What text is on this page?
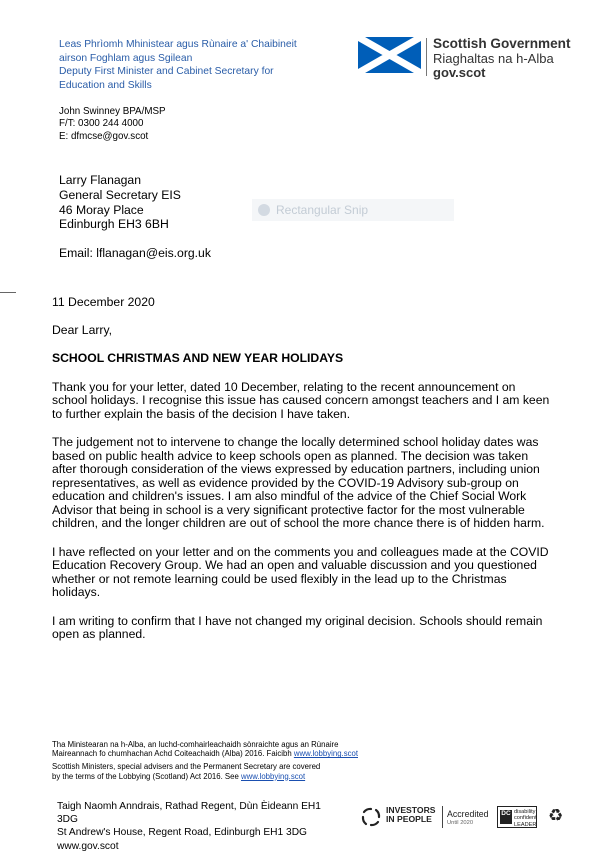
Leas Phrìomh Mhinistear agus Rùnaire a' Chaibineit
airson Foghlam agus Sgilean
Deputy First Minister and Cabinet Secretary for
Education and Skills
John Swinney BPA/MSP
F/T: 0300 244 4000
E: dfmcse@gov.scot
Scottish Government
Riaghaltas na h-Alba
gov.scot
Larry Flanagan
General Secretary EIS
46 Moray Place
Edinburgh EH3 6BH
Email: lflanagan@eis.org.uk
Rectangular Snip

11 December 2020

Dear Larry,

SCHOOL CHRISTMAS AND NEW YEAR HOLIDAYS

Thank you for your letter, dated 10 December, relating to the recent announcement on
school holidays. I recognise this issue has caused concern amongst teachers and I am keen
to further explain the basis of the decision I have taken.

The judgement not to intervene to change the locally determined school holiday dates was
based on public health advice to keep schools open as planned. The decision was taken
after thorough consideration of the views expressed by education partners, including union
representatives, as well as evidence provided by the COVID-19 Advisory sub-group on
education and children's issues. I am also mindful of the advice of the Chief Social Work
Advisor that being in school is a very significant protective factor for the most vulnerable
children, and the longer children are out of school the more chance there is of hidden harm.

I have reflected on your letter and on the comments you and colleagues made at the COVID
Education Recovery Group. We had an open and valuable discussion and you questioned
whether or not remote learning could be used flexibly in the lead up to the Christmas
holidays.

I am writing to confirm that I have not changed my original decision. Schools should remain
open as planned.

Tha Ministearan na h-Alba, an luchd-comhairleachaidh sònraichte agus an Rùnaire
Maireannach fo chumhachan Achd Coiteachaidh (Alba) 2016. Faicibh www.lobbying.scot

Scottish Ministers, special advisers and the Permanent Secretary are covered
by the terms of the Lobbying (Scotland) Act 2016. See www.lobbying.scot

Taigh Naomh Anndrais, Rathad Regent, Dùn Èideann EH1
3DG
St Andrew's House, Regent Road, Edinburgh EH1 3DG
www.gov.scot
INVESTORS
IN PEOPLE
Accredited
Until 2020
DC disability
confident
LEADER ♻
